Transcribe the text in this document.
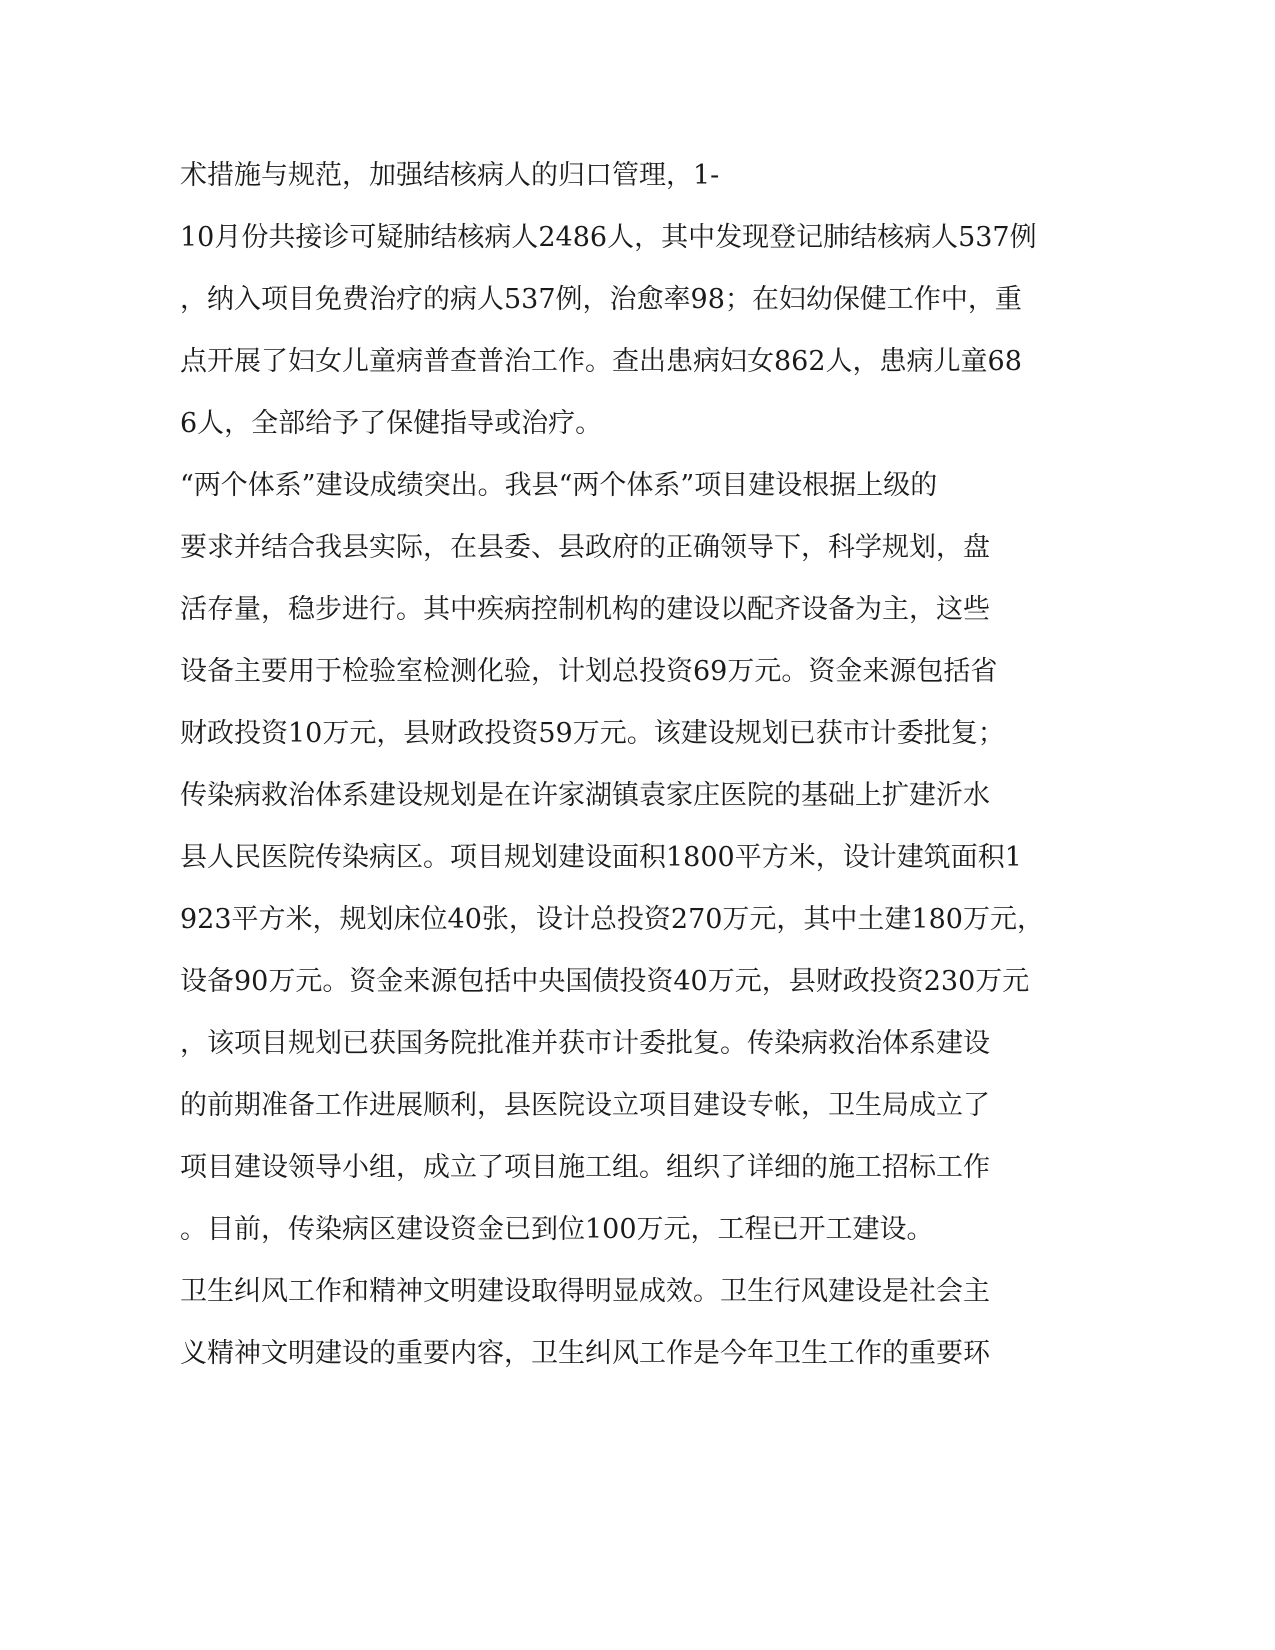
术措施与规范，加强结核病人的归口管理，1-
10月份共接诊可疑肺结核病人2486人，其中发现登记肺结核病人537例
，纳入项目免费治疗的病人537例，治愈率98；在妇幼保健工作中，重
点开展了妇女儿童病普查普治工作。查出患病妇女862人，患病儿童68
6人，全部给予了保健指导或治疗。
“两个体系”建设成绩突出。我县“两个体系”项目建设根据上级的
要求并结合我县实际，在县委、县政府的正确领导下，科学规划，盘
活存量，稳步进行。其中疾病控制机构的建设以配齐设备为主，这些
设备主要用于检验室检测化验，计划总投资69万元。资金来源包括省
财政投资10万元，县财政投资59万元。该建设规划已获市计委批复；
传染病救治体系建设规划是在许家湖镇袁家庄医院的基础上扩建沂水
县人民医院传染病区。项目规划建设面积1800平方米，设计建筑面积1
923平方米，规划床位40张，设计总投资270万元，其中土建180万元，
设备90万元。资金来源包括中央国债投资40万元，县财政投资230万元
，该项目规划已获国务院批准并获市计委批复。传染病救治体系建设
的前期准备工作进展顺利，县医院设立项目建设专帐，卫生局成立了
项目建设领导小组，成立了项目施工组。组织了详细的施工招标工作
。目前，传染病区建设资金已到位100万元，工程已开工建设。
卫生纠风工作和精神文明建设取得明显成效。卫生行风建设是社会主
义精神文明建设的重要内容，卫生纠风工作是今年卫生工作的重要环
